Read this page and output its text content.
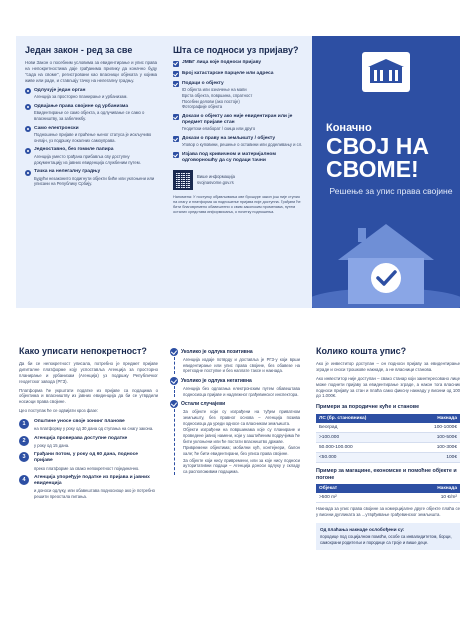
Један закон - ред за све

Нови Закон о посебним условима за евидентирање и упис права на непокретностима даје грађанима прилику да коначно буду "сада на своме", регистровани као власници објеката у којима живе или раде, и стављају тачку на нелегалну градњу.

Одлучује један орган
Агенција за просторно планирање и урбанизам.
Одвајање права својине од урбанизма
Евидентирање се само објекта, а одлучивање се само о власништву, за забележбу.
Само електронски
Подношење пријаве и праћење њеног статуса је искључиво онлајн, уз подршку локалних самоуправа.
Једноставно, без гомиле папира
Агенција уместо грађана прибавља сву доступну документацију из јавних евиденција службеним путем.
Тачка на нелегалну градњу
Будући незаконито подигнути објекти биће или уклоњени или уписани на Републику Србију.
Шта се подноси уз пријаву?
ЈМБГ лица које подноси пријаву
Број катастарске парцеле или адреса
Подаци о објекту
ID објекта или означење на мапи
Врста објекта, површина, спратност
Посебни делови (ако постоје)
Фотографије објекта
Докази о објекту ако није евидентиран или је предмет пријаве стан
Геодетски елаборат / скица или друго
Докази о праву на земљишту / објекту
Уговор о куповини, решење о оставини или доделивању и сл.
Изјава под кривичном и материјалном одговорношћу да су подаци тачни
Више информација
svojnasvome.gov.rs

Напомена: У поступку објављивања ове брошуре закон још није ступио на снагу и платформа за подношење пријава није доступна. Грађани ће бити благовремено обавештени о свим законским променама, путем осталих средстава информисања, о почетку подношења.

Коначно
СВОЈ НА СВОМЕ!
Решење за упис права својине
Како уписати непокретност?

Да би се непокретност уписала, потребно је предмет пријаве дигиталне платформе коју успоставља Агенција за просторно планирање и урбанизам (Агенција) уз подршку Републичког геодетског завода (РГЗ).

Платформа ће укрштати податке из пријаве са подацима о објектима и власништву из јавних евиденција да би се утврдили носиоци права својине.

Цео поступак ће се одвијати кроз фазе:

1	Општине уносе своје зонинг планове
на платформу у року од 30 дана од ступања на снагу закона.
2	Агенција проверава доступне податке
у року од 15 дана.
3	Грађани потом, у року од 60 дана, подносе пријаве
преко платформе за свако непокретност појединачно.
4	Агенција упоређује податке из пријава и јавних евиденција
и доноси одлуку, или обавештава подносиоце ако је потребно решити преостала питања.
Уколико је одлука позитивна

Агенција издаје потврду и доставља је РГЗ-у који врши евидентирање или упис права својине, без обавезе на претходне поступке и без наплате таксе и накнада.

Уколико је одлука негативна

Агенција без одлагања електронским путем обавештава подносиоца пријаве и надлежног грађевинског инспектора.

Остали случајеви

За објекте који су изграђени на туђем приватном земљишту, без правног основа – Агенција позива подносиоца да уреди односе са власником земљишта.

Објекти изграђени на површинама које су планиране и проведене јавној намени, који у заштићеним подручјима ће бити уклоњени или ће постати власништво државе.

Привремени објектима; мобилни кућ, контејнери, балон хале; ће бити евидентирани, без уписа права својине.

За објекте који нису привремени, или за које нису подноси ауторитативни подаци – Агенција доноси одлуку у складу са расположивим подацима.

Колико кошта упис?

Ако је инвеститор доступан – он подноси пријаву за евидентирање зграде и сноси трошкове накнаде, а не власници станова.

Ако инвеститор није доступан – свако станар који заинтересовано лице може поднети пријаву за евидентирање зграде, а након тога власник подноси пријаву за стан и плаћа само фиксну накнаду у висини од 100 до 1.000€.

Примери за породичне куће и станове
ЛС (бр. становника)	Накнада
Београд	100-1000€
>100.000	100-500€
50.000-100.000	100-300€
<50.000	100€
Пример за магацине, економске и помоћне објекте и погоне
Објекат	Накнада
>500 m²	10 €/m²

Накнада за упис права својине за комерцијалне друге објекте плаћа се у висини дупликата за ...утврђивање грађевинског земљишта.

Од плаћања накнаде ослобођени су:
породице под социјалном помоћи, особе са инвалидитетом, борци, самохрани родитељи и породице са троје и више деце.
